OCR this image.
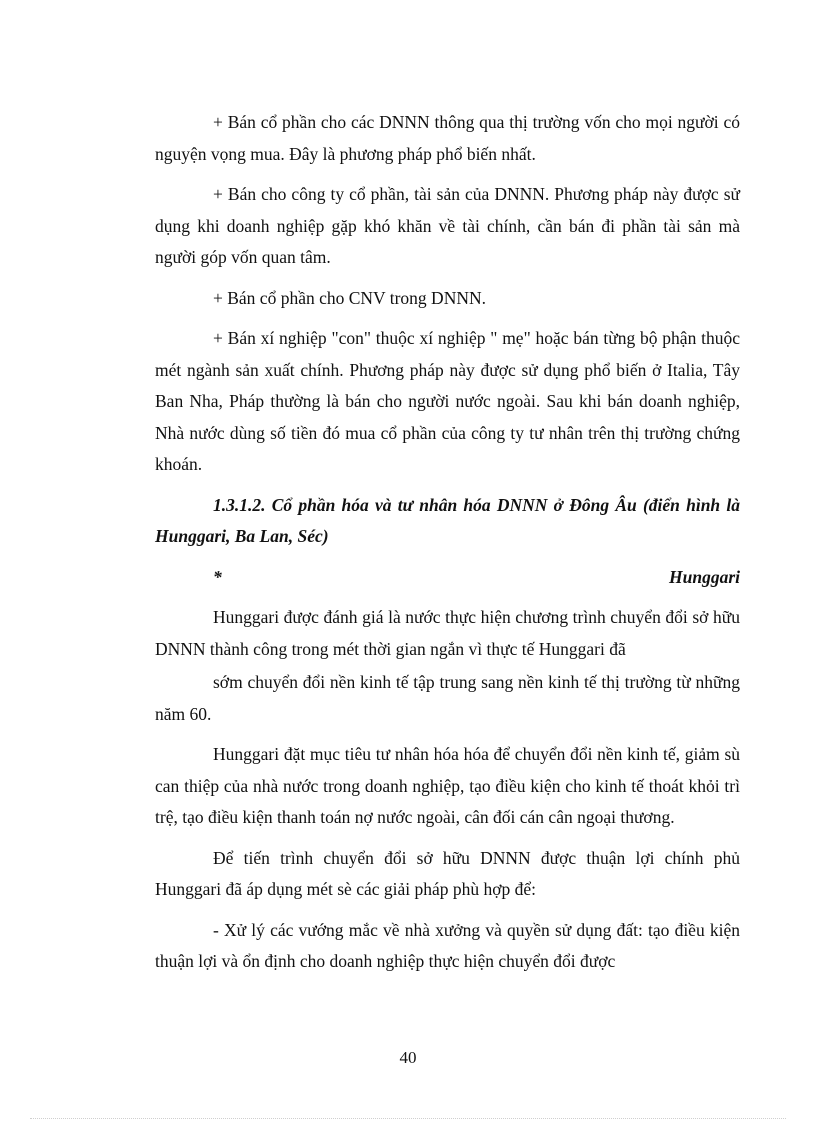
+ Bán cổ phần cho các DNNN thông qua thị trường vốn cho mọi người có nguyện vọng mua. Đây là phương pháp phổ biến nhất.

+ Bán cho công ty cổ phần, tài sản của DNNN. Phương pháp này được sử dụng khi doanh nghiệp gặp khó khăn về tài chính, cần bán đi phần tài sản mà người góp vốn quan tâm.

+ Bán cổ phần cho CNV trong DNNN.

+ Bán xí nghiệp "con" thuộc xí nghiệp " mẹ" hoặc bán từng bộ phận thuộc mét ngành sản xuất chính. Phương pháp này được sử dụng phổ biến ở Italia, Tây Ban Nha, Pháp thường là bán cho người nước ngoài. Sau khi bán doanh nghiệp, Nhà nước dùng số tiền đó mua cổ phần của công ty tư nhân trên thị trường chứng khoán.

1.3.1.2. Cổ phần hóa và tư nhân hóa DNNN ở Đông Âu (điển hình là Hunggari, Ba Lan, Séc)

*	Hunggari

Hunggari được đánh giá là nước thực hiện chương trình chuyển đổi sở hữu DNNN thành công trong mét thời gian ngắn vì thực tế Hunggari đã

sớm chuyển đổi nền kinh tế tập trung sang nền kinh tế thị trường từ những năm 60.

Hunggari đặt mục tiêu tư nhân hóa hóa để chuyển đổi nền kinh tế, giảm sù can thiệp của nhà nước trong doanh nghiệp, tạo điều kiện cho kinh tế thoát khỏi trì trệ, tạo điều kiện thanh toán nợ nước ngoài, cân đối cán cân ngoại thương.

Để tiến trình chuyển đổi sở hữu DNNN được thuận lợi chính phủ Hunggari đã áp dụng mét sè các giải pháp phù hợp để:

- Xử lý các vướng mắc về nhà xưởng và quyền sử dụng đất: tạo điều kiện thuận lợi và ổn định cho doanh nghiệp thực hiện chuyển đổi được

40
